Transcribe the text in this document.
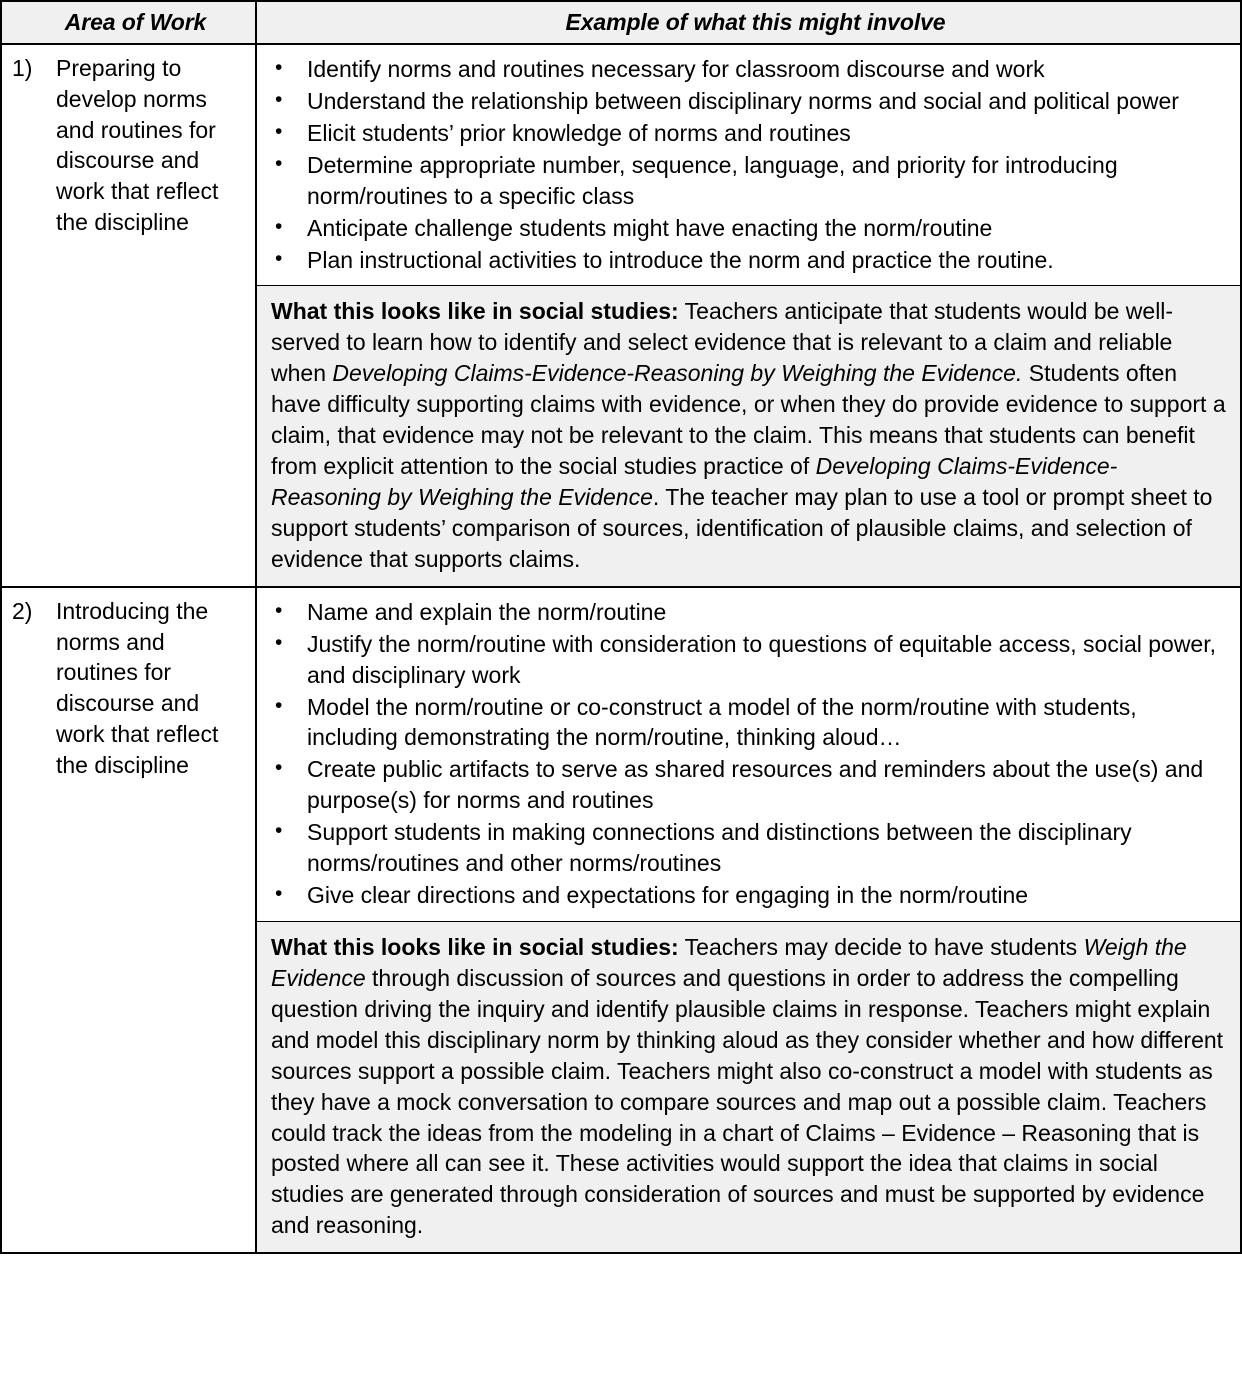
Area of Work	Example of what this might involve

1)	Preparing to develop norms and routines for discourse and work that reflect the discipline

• Identify norms and routines necessary for classroom discourse and work
• Understand the relationship between disciplinary norms and social and political power
• Elicit students’ prior knowledge of norms and routines
• Determine appropriate number, sequence, language, and priority for introducing norm/routines to a specific class
• Anticipate challenge students might have enacting the norm/routine
• Plan instructional activities to introduce the norm and practice the routine.

	What this looks like in social studies: Teachers anticipate that students would be well-served to learn how to identify and select evidence that is relevant to a claim and reliable when Developing Claims-Evidence-Reasoning by Weighing the Evidence. Students often have difficulty supporting claims with evidence, or when they do provide evidence to support a claim, that evidence may not be relevant to the claim. This means that students can benefit from explicit attention to the social studies practice of Developing Claims-Evidence-Reasoning by Weighing the Evidence. The teacher may plan to use a tool or prompt sheet to support students’ comparison of sources, identification of plausible claims, and selection of evidence that supports claims.

2)	Introducing the norms and routines for discourse and work that reflect the discipline

• Name and explain the norm/routine
• Justify the norm/routine with consideration to questions of equitable access, social power, and disciplinary work
• Model the norm/routine or co-construct a model of the norm/routine with students, including demonstrating the norm/routine, thinking aloud…
• Create public artifacts to serve as shared resources and reminders about the use(s) and purpose(s) for norms and routines
• Support students in making connections and distinctions between the disciplinary norms/routines and other norms/routines
• Give clear directions and expectations for engaging in the norm/routine

	What this looks like in social studies: Teachers may decide to have students Weigh the Evidence through discussion of sources and questions in order to address the compelling question driving the inquiry and identify plausible claims in response. Teachers might explain and model this disciplinary norm by thinking aloud as they consider whether and how different sources support a possible claim. Teachers might also co-construct a model with students as they have a mock conversation to compare sources and map out a possible claim. Teachers could track the ideas from the modeling in a chart of Claims – Evidence – Reasoning that is posted where all can see it. These activities would support the idea that claims in social studies are generated through consideration of sources and must be supported by evidence and reasoning.
